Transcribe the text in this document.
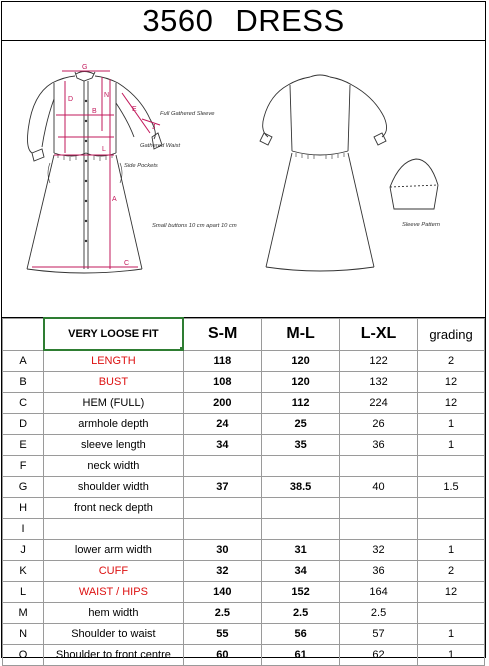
3560 DRESS
G
D
B
N
A
E
J
L
C
Full Gathered Sleeve
Gathered Waist
Side Pockets
Small buttons 10 cm apart 10 cm	Sleeve Pattern
	VERY LOOSE FIT	S-M	M-L	L-XL	grading
A	LENGTH	118	120	122	2
B	BUST	108	120	132	12
C	HEM (FULL)	200	112	224	12
D	armhole depth	24	25	26	1
E	sleeve length	34	35	36	1
F	neck width				
G	shoulder width	37	38.5	40	1.5
H	front neck depth				
I					
J	lower arm width	30	31	32	1
K	CUFF	32	34	36	2
L	WAIST / HIPS	140	152	164	12
M	hem width	2.5	2.5	2.5	
N	Shoulder to waist	55	56	57	1
O	Shoulder to front centre	60	61	62	1
